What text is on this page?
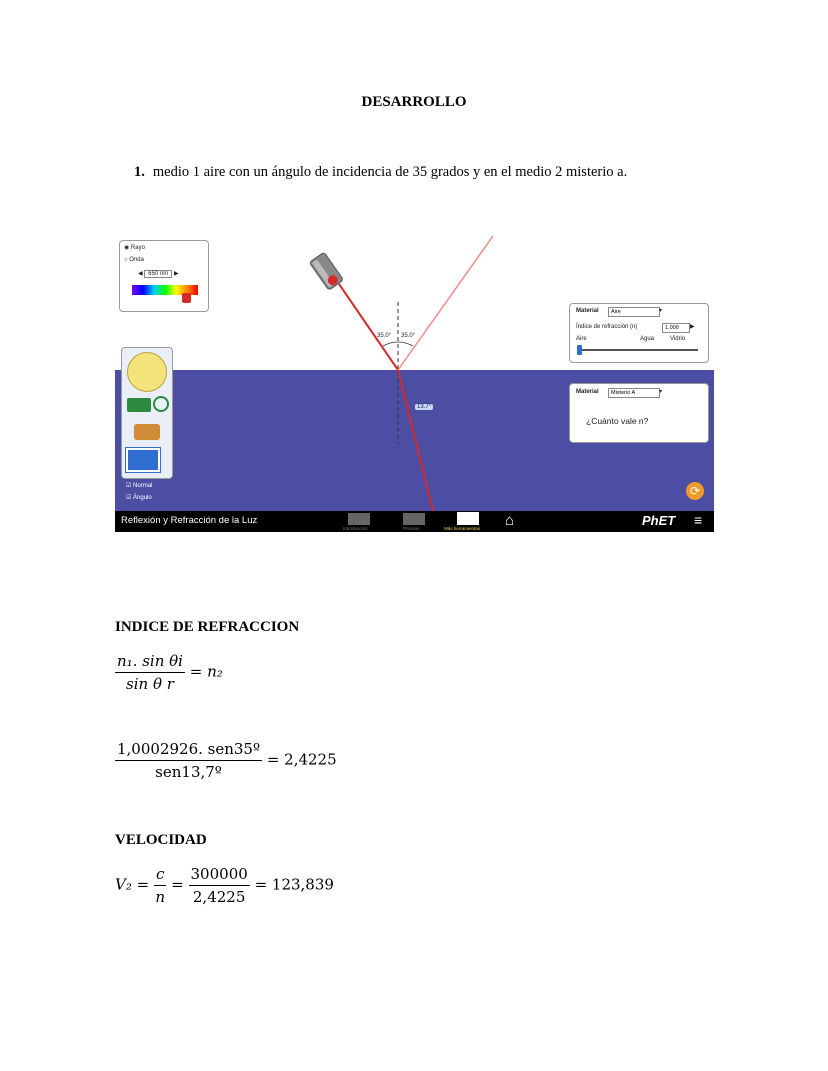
DESARROLLO
1. medio 1 aire con un ángulo de incidencia de 35 grados y en el medio 2 misterio a.
35.0° 35.0°
13.7°
◉ Rayo
○ Onda
◀ 650 nm ▶
☑ Normal
☑ Ángulo
Material	Aire	▾
Índice de refracción (n)	1.000	▶
Aire	Agua	Vidrio
Material	Misterio A	▾
¿Cuánto vale n?
⟳
Reflexión y Refracción de la Luz
Introducción	Prismas	Más herramientas ⌂	PhET ≡
INDICE DE REFRACCION
$\frac{\text{n₁. sin θi}}{\text{sin θ r}} = n_2$
$\frac{\text{1,0002926. sen35º}}{\text{sen13,7º}} = 2,4225$
VELOCIDAD
$V_2 = \frac{c}{n} = \frac{300000}{2,4225} = 123,839$
